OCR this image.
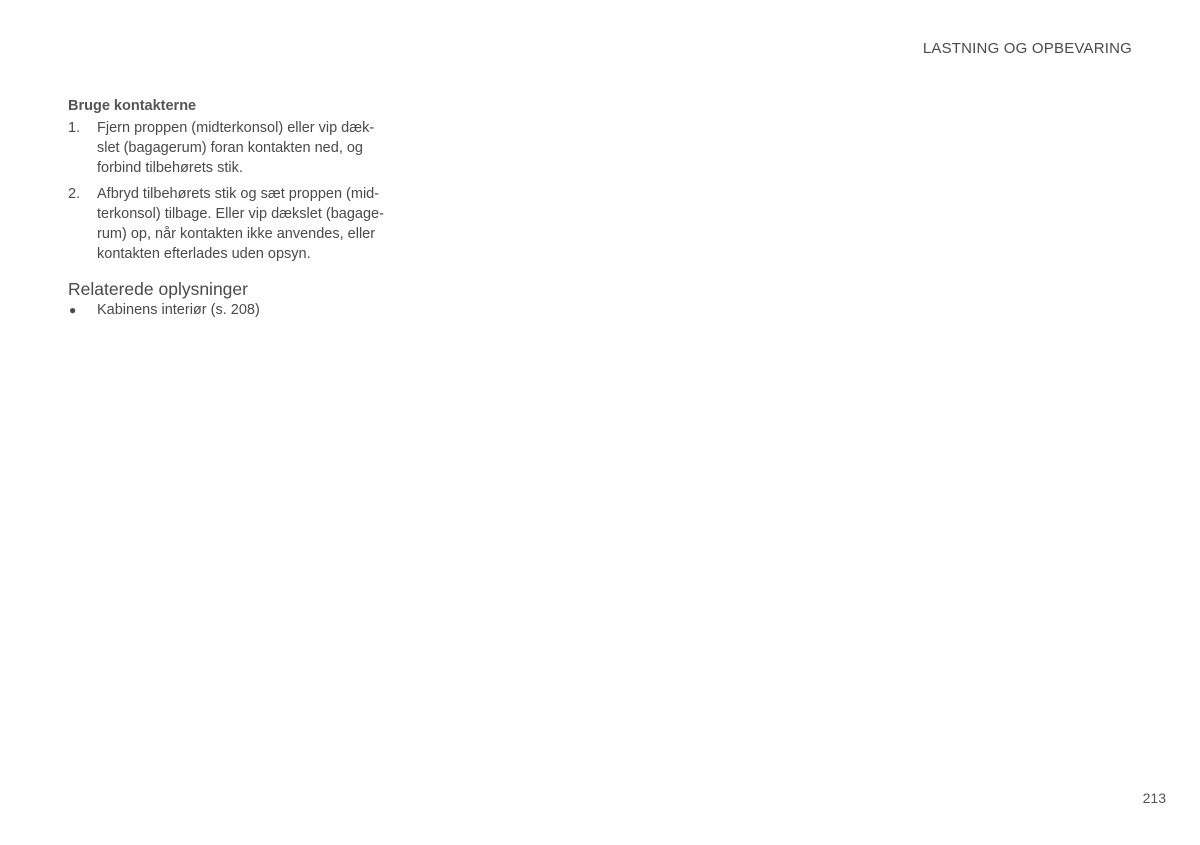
LASTNING OG OPBEVARING
Bruge kontakterne
1.	Fjern proppen (midterkonsol) eller vip dæk-
slet (bagagerum) foran kontakten ned, og
forbind tilbehørets stik.
2.	Afbryd tilbehørets stik og sæt proppen (mid-
terkonsol) tilbage. Eller vip dækslet (bagage-
rum) op, når kontakten ikke anvendes, eller
kontakten efterlades uden opsyn.
Relaterede oplysninger
●	Kabinens interiør (s. 208)
213
